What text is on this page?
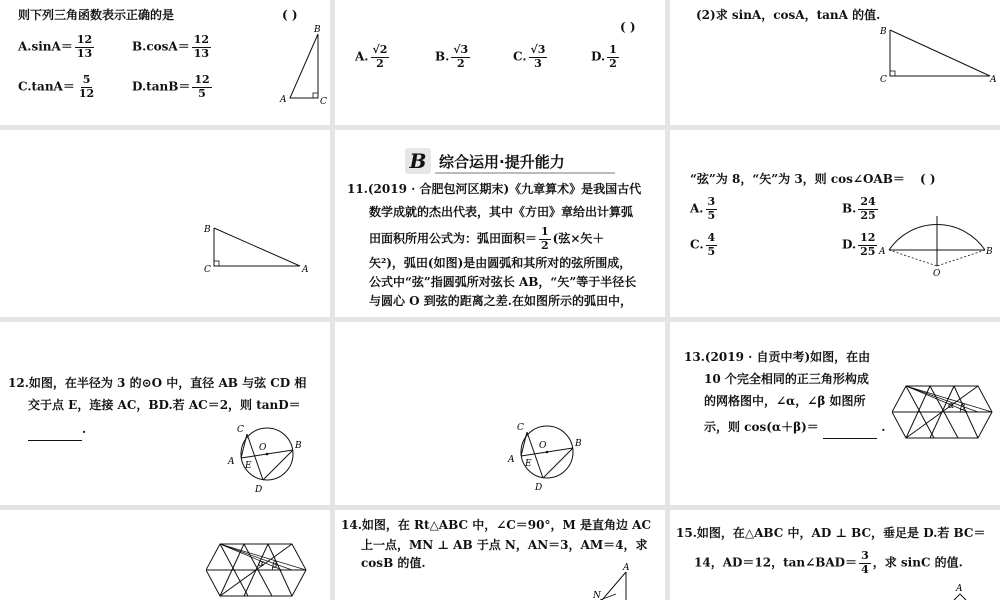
则下列三角函数表示正确的是	( )
$A.\sin A= \frac{12}{13}$	$B.\cos A= \frac{12}{13}$
$C.\tan A= \frac{5}{12}$	$D.\tan B= \frac{12}{5}$
B
A	C
( )
A. $\frac{√2}{2}$	B. $\frac{√3}{2}$	C. $\frac{√3}{3}$	D. $\frac{1}{2}$
(2)求 sinA，cosA，tanA 的值.
B
C	A
B
C	A
B 综合运用·提升能力
11.(2019 · 合肥包河区期末)《九章算术》是我国古代
数学成就的杰出代表，其中《方田》章给出计算弧
田面积所用公式为：弧田面积＝ $\frac{1}{2}$ (弦×矢＋
矢²)，弧田(如图)是由圆弧和其所对的弦所围成，
公式中“弦”指圆弧所对弦长 AB，“矢”等于半径长
与圆心 O 到弦的距离之差.在如图所示的弧田中，
“弦”为 8，“矢”为 3，则 cos∠OAB＝ ( )
A. $\frac{3}{5}$	B. $\frac{24}{25}$
C. $\frac{4}{5}$	D. $\frac{12}{25}$ A	B
O
12.如图，在半径为 3 的⊙O 中，直径 AB 与弦 CD 相
交于点 E，连接 AC，BD.若 AC＝2，则 tanD＝
.	C
O	B
A E
D
C
O	B
A E
D
13.(2019 · 自贡中考)如图，在由
10 个完全相同的正三角形构成
的网格图中，∠α，∠β 如图所
示，则 cos(α＋β)＝	.
α β
α β
14.如图，在 Rt△ABC 中，∠C＝90°，M 是直角边 AC
上一点，MN ⊥ AB 于点 N，AN＝3，AM＝4，求
cosB 的值.	A
N
15.如图，在△ABC 中，AD ⊥ BC，垂足是 D.若 BC＝
14，AD＝12，tan∠BAD＝ $\frac{3}{4}$ ，求 sinC 的值.
A
